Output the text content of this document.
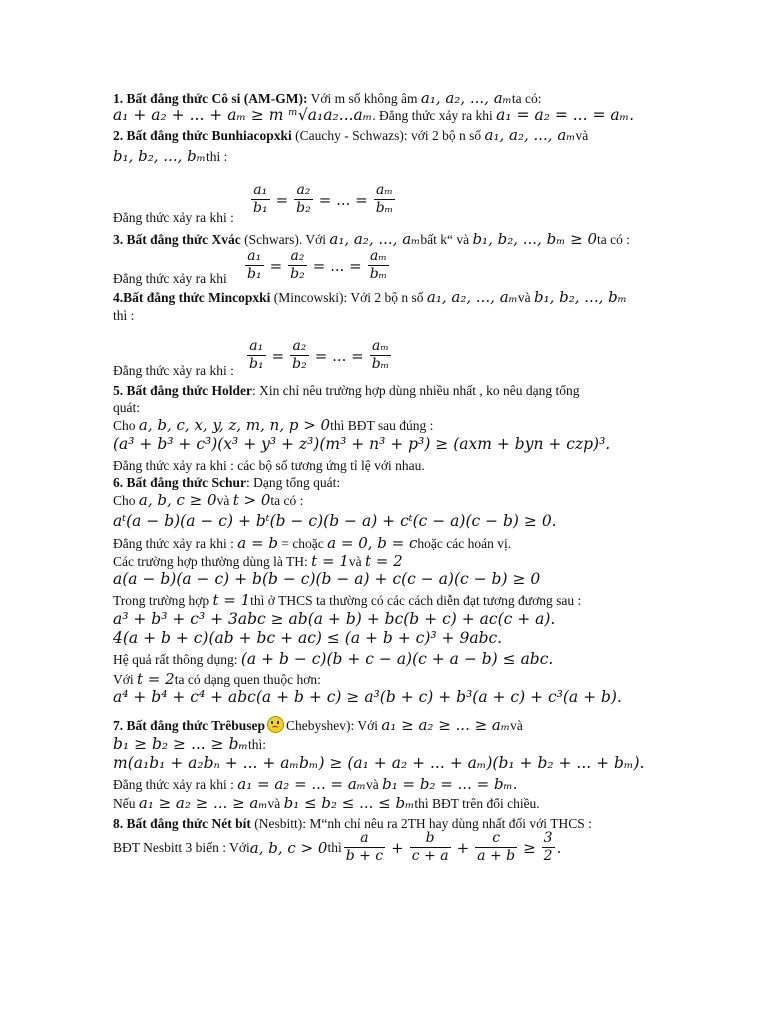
1. Bất đẳng thức Cô si (AM-GM): Với m số không âm a₁, a₂, ..., aₘta có:
a₁ + a₂ + ... + aₘ ≥ m ᵐ√a₁a₂...aₘ. Đẳng thức xảy ra khi a₁ = a₂ = ... = aₘ.
2. Bất đẳng thức Bunhiacopxki (Cauchy - Schwazs): với 2 bộ n số a₁, a₂, ..., aₘvà
b₁, b₂, ..., bₘthi :
$\frac{\text{a₁}}{\text{b₁}} = \frac{\text{a₂}}{\text{b₂}}$ = ... = $\frac{\text{aₘ}}{\text{bₘ}}$
Đẳng thức xảy ra khi :
3. Bất đẳng thức Xvác (Schwars). Với a₁, a₂, ..., aₘbất k“ và b₁, b₂, ..., bₘ ≥ 0ta có :
$\frac{\text{a₁}}{\text{b₁}} = \frac{\text{a₂}}{\text{b₂}}$ = ... = $\frac{\text{aₘ}}{\text{bₘ}}$
Đẳng thức xảy ra khi
4.Bất đẳng thức Mincopxki (Mincowski): Với 2 bộ n số a₁, a₂, ..., aₘvà b₁, b₂, ..., bₘ
thì :
$\frac{\text{a₁}}{\text{b₁}} = \frac{\text{a₂}}{\text{b₂}}$ = ... = $\frac{\text{aₘ}}{\text{bₘ}}$
Đẳng thức xảy ra khi :
5. Bất đẳng thức Holder: Xin chỉ nêu trường hợp dùng nhiều nhất , ko nêu dạng tổng
quát:
Cho a, b, c, x, y, z, m, n, p > 0thì BĐT sau đúng :
(a³ + b³ + c³)(x³ + y³ + z³)(m³ + n³ + p³) ≥ (axm + byn + czp)³.
Đẳng thức xảy ra khi : các bộ số tương ứng tỉ lệ với nhau.
6. Bất đẳng thức Schur: Dạng tổng quát:
Cho a, b, c ≥ 0và t > 0ta có :
aᵗ(a − b)(a − c) + bᵗ(b − c)(b − a) + cᵗ(c − a)(c − b) ≥ 0.
Đẳng thức xảy ra khi : a = b = choặc a = 0, b = choặc các hoán vị.
Các trường hợp thường dùng là TH: t = 1và t = 2
a(a − b)(a − c) + b(b − c)(b − a) + c(c − a)(c − b) ≥ 0
Trong trường hợp t = 1thì ở THCS ta thường có các cách diễn đạt tương đương sau :
a³ + b³ + c³ + 3abc ≥ ab(a + b) + bc(b + c) + ac(c + a).
4(a + b + c)(ab + bc + ac) ≤ (a + b + c)³ + 9abc.
Hệ quả rất thông dụng: (a + b − c)(b + c − a)(c + a − b) ≤ abc.
Với t = 2ta có dạng quen thuộc hơn:
a⁴ + b⁴ + c⁴ + abc(a + b + c) ≥ a³(b + c) + b³(a + c) + c³(a + b).
7. Bất đẳng thức Trêbusep Chebyshev): Với a₁ ≥ a₂ ≥ ... ≥ aₘvà
b₁ ≥ b₂ ≥ ... ≥ bₘthì:
m(a₁b₁ + a₂bₙ + ... + aₘbₘ) ≥ (a₁ + a₂ + ... + aₘ)(b₁ + b₂ + ... + bₘ).
Đẳng thức xảy ra khi : a₁ = a₂ = ... = aₘvà b₁ = b₂ = ... = bₘ.
Nếu a₁ ≥ a₂ ≥ ... ≥ aₘvà b₁ ≤ b₂ ≤ ... ≤ bₘthì BĐT trên đổi chiều.
8. Bất đẳng thức Nét bít (Nesbitt): M“nh chỉ nêu ra 2TH hay dùng nhất đối với THCS :
BĐT Nesbitt 3 biến : Vớia, b, c > 0thì $\frac{a}{b + c} + \frac{b}{c + a} + \frac{c}{a + b} \ge \frac{3}{2}$ .
